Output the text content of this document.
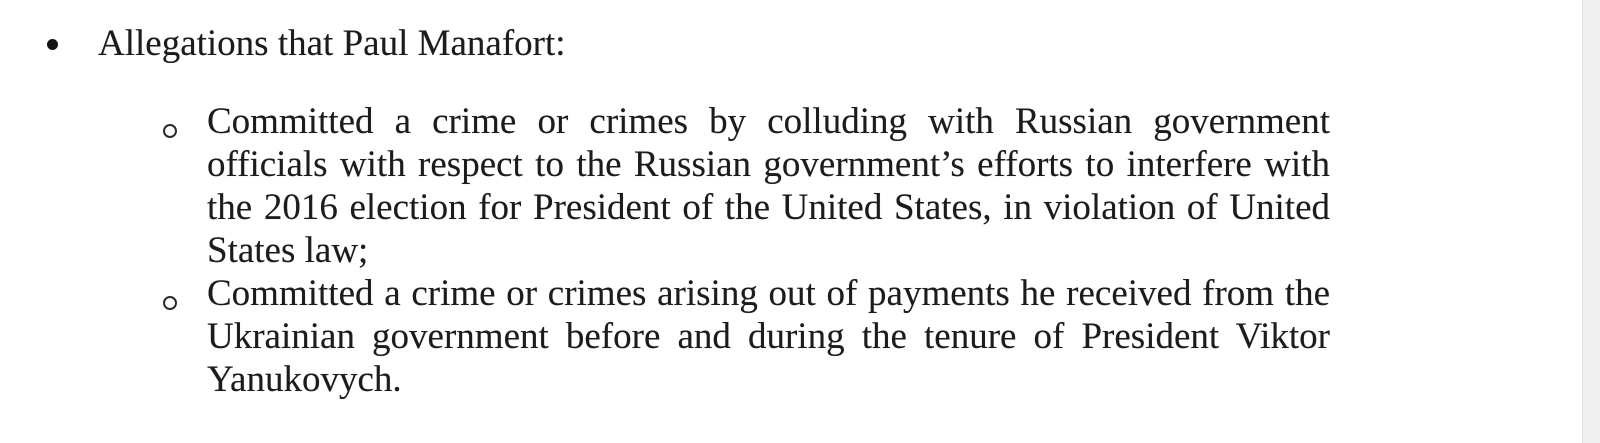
Allegations that Paul Manafort:
Committed a crime or crimes by colluding with Russian government
officials with respect to the Russian government’s efforts to interfere with
the 2016 election for President of the United States, in violation of United
States law;
Committed a crime or crimes arising out of payments he received from the
Ukrainian government before and during the tenure of President Viktor
Yanukovych.
